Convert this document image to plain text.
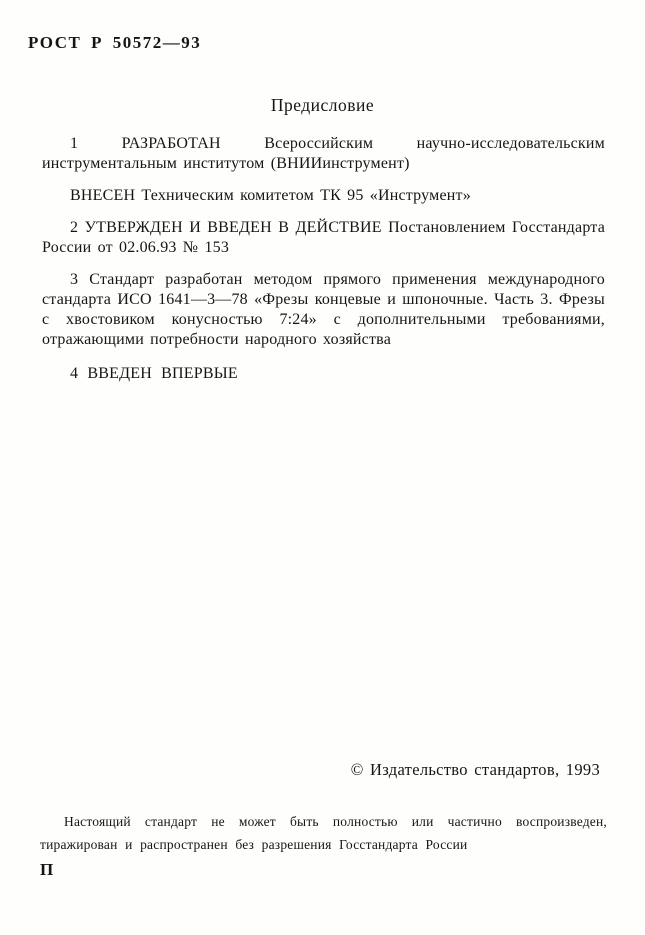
РОСТ Р 50572—93
Предисловие

1 РАЗРАБОТАН Всероссийским научно-исследовательским инструментальным институтом (ВНИИинструмент)

ВНЕСЕН Техническим комитетом ТК 95 «Инструмент»

2 УТВЕРЖДЕН И ВВЕДЕН В ДЕЙСТВИЕ Постановлением Госстандарта России от 02.06.93 № 153

3 Стандарт разработан методом прямого применения международного стандарта ИСО 1641—3—78 «Фрезы концевые и шпоночные. Часть 3. Фрезы с хвостовиком конусностью 7:24» с дополнительными требованиями, отражающими потребности народного хозяйства

4 ВВЕДЕН ВПЕРВЫЕ

© Издательство стандартов, 1993

Настоящий стандарт не может быть полностью или частично воспроизведен, тиражирован и распространен без разрешения Госстандарта России

П
